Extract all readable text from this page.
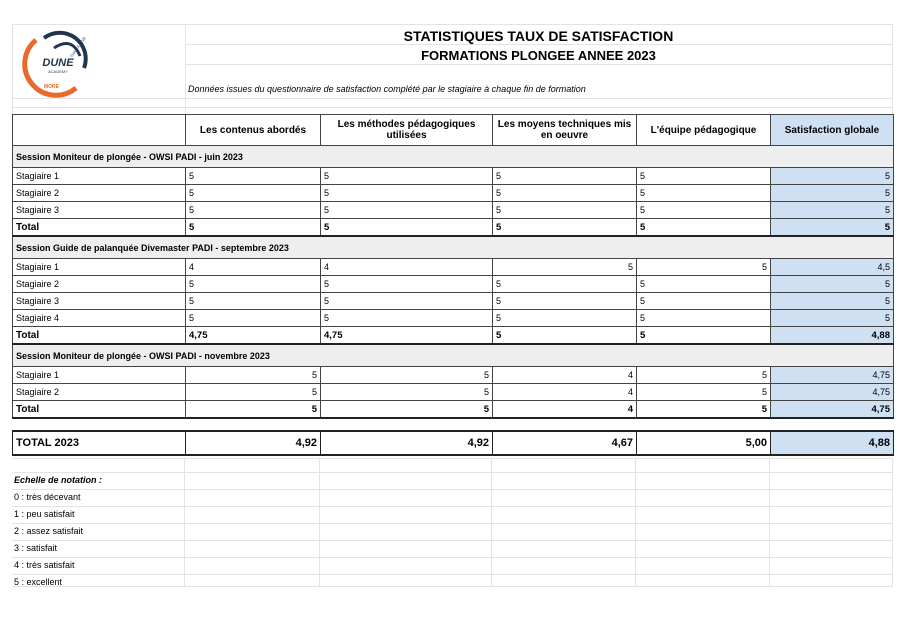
DUNE
ACADEMY
MORE
THAN A DIVE	STATISTIQUES TAUX DE SATISFACTION
FORMATIONS PLONGEE ANNEE 2023
Données issues du questionnaire de satisfaction complété par le stagiaire à chaque fin de formation
	Les contenus abordés	Les méthodes pédagogiques utilisées	Les moyens techniques mis en oeuvre	L'équipe pédagogique	Satisfaction globale
Session Moniteur de plongée - OWSI PADI - juin 2023					
Stagiaire 1	5	5	5	5	5
Stagiaire 2	5	5	5	5	5
Stagiaire 3	5	5	5	5	5
Total	5	5	5	5	5
Session Guide de palanquée Divemaster PADI - septembre 2023					
Stagiaire 1	4	4	5	5	4,5
Stagiaire 2	5	5	5	5	5
Stagiaire 3	5	5	5	5	5
Stagiaire 4	5	5	5	5	5
Total	4,75	4,75	5	5	4,88
Session Moniteur de plongée - OWSI PADI - novembre 2023					
Stagiaire 1	5	5	4	5	4,75
Stagiaire 2	5	5	4	5	4,75
Total	5	5	4	5	4,75
TOTAL 2023	4,92	4,92	4,67	5,00	4,88
Echelle de notation :
0 : très décevant
1 : peu satisfait
2 : assez satisfait
3 : satisfait
4 : très satisfait
5 : excellent
